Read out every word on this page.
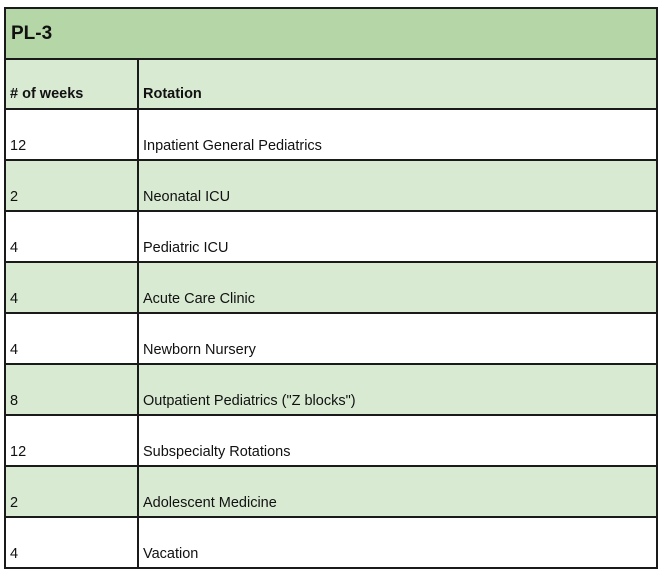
PL-3	
# of weeks	Rotation
12	Inpatient General Pediatrics
2	Neonatal ICU
4	Pediatric ICU
4	Acute Care Clinic
4	Newborn Nursery
8	Outpatient Pediatrics ("Z blocks")
12	Subspecialty Rotations
2	Adolescent Medicine
4	Vacation
